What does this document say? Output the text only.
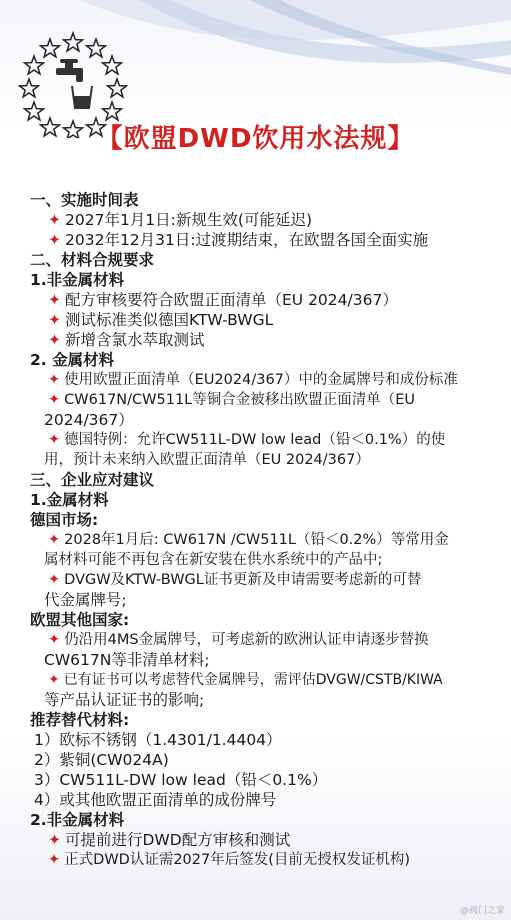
【欧盟DWD饮用水法规】
一、实施时间表
✦ 2027年1月1日:新规生效(可能延迟)
✦ 2032年12月31日:过渡期结束，在欧盟各国全面实施
二、材料合规要求
1.非金属材料
✦ 配方审核要符合欧盟正面清单（EU 2024/367）
✦ 测试标准类似德国KTW-BWGL
✦ 新增含氯水萃取测试
2. 金属材料
✦ 使用欧盟正面清单（EU2024/367）中的金属牌号和成份标准
✦ CW617N/CW511L等铜合金被移出欧盟正面清单（EU
2024/367）
✦ 德国特例：允许CW511L-DW low lead（铅＜0.1%）的使
用，预计未来纳入欧盟正面清单（EU 2024/367）
三、企业应对建议
1.金属材料
德国市场:
✦ 2028年1月后: CW617N /CW511L（铅＜0.2%）等常用金
属材料可能不再包含在新安装在供水系统中的产品中;
✦ DVGW及KTW-BWGL证书更新及申请需要考虑新的可替
代金属牌号;
欧盟其他国家:
✦ 仍沿用4MS金属牌号，可考虑新的欧洲认证申请逐步替换
CW617N等非清单材料;
✦ 已有证书可以考虑替代金属牌号，需评估DVGW/CSTB/KIWA
等产品认证证书的影响;
推荐替代材料:
1）欧标不锈钢（1.4301/1.4404）
2）紫铜(CW024A)
3）CW511L-DW low lead（铅＜0.1%）
4）或其他欧盟正面清单的成份牌号
2.非金属材料
✦ 可提前进行DWD配方审核和测试
✦ 正式DWD认证需2027年后签发(目前无授权发证机构)
@阀门之家
